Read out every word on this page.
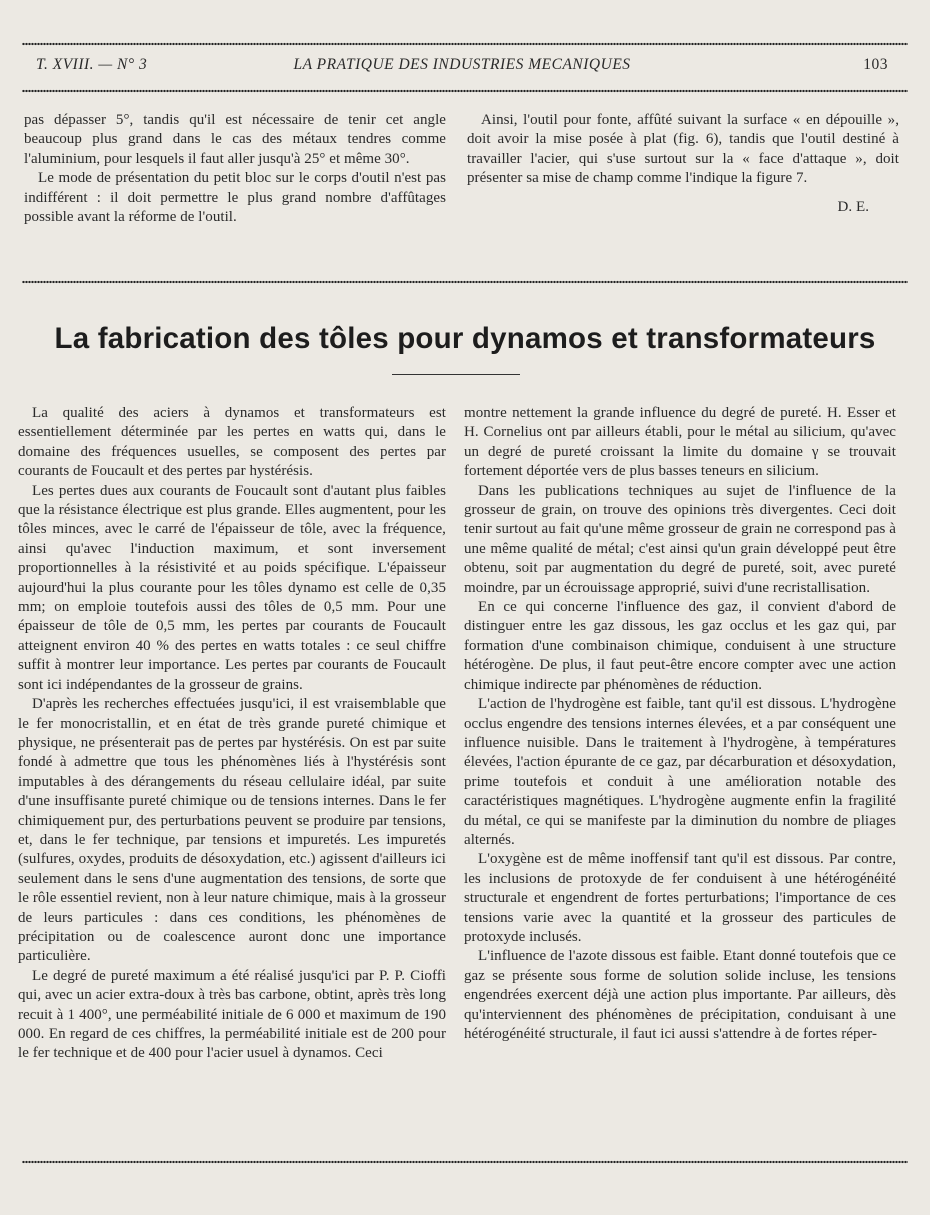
T. XVIII. — N° 3	LA PRATIQUE DES INDUSTRIES MECANIQUES	103

pas dépasser 5°, tandis qu'il est nécessaire de tenir cet angle beaucoup plus grand dans le cas des métaux tendres comme l'aluminium, pour lesquels il faut aller jusqu'à 25° et même 30°.

Le mode de présentation du petit bloc sur le corps d'outil n'est pas indifférent : il doit permettre le plus grand nombre d'affûtages possible avant la réforme de l'outil.

Ainsi, l'outil pour fonte, affûté suivant la surface « en dépouille », doit avoir la mise posée à plat (fig. 6), tandis que l'outil destiné à travailler l'acier, qui s'use surtout sur la « face d'attaque », doit présenter sa mise de champ comme l'indique la figure 7.

D. E.

La fabrication des tôles pour dynamos et transformateurs

La qualité des aciers à dynamos et transformateurs est essentiellement déterminée par les pertes en watts qui, dans le domaine des fréquences usuelles, se composent des pertes par courants de Foucault et des pertes par hystérésis.

Les pertes dues aux courants de Foucault sont d'autant plus faibles que la résistance électrique est plus grande. Elles augmentent, pour les tôles minces, avec le carré de l'épaisseur de tôle, avec la fréquence, ainsi qu'avec l'induction maximum, et sont inversement proportionnelles à la résistivité et au poids spécifique. L'épaisseur aujourd'hui la plus courante pour les tôles dynamo est celle de 0,35 mm; on emploie toutefois aussi des tôles de 0,5 mm. Pour une épaisseur de tôle de 0,5 mm, les pertes par courants de Foucault atteignent environ 40 % des pertes en watts totales : ce seul chiffre suffit à montrer leur importance. Les pertes par courants de Foucault sont ici indépendantes de la grosseur de grains.

D'après les recherches effectuées jusqu'ici, il est vraisemblable que le fer monocristallin, et en état de très grande pureté chimique et physique, ne présenterait pas de pertes par hystérésis. On est par suite fondé à admettre que tous les phénomènes liés à l'hystérésis sont imputables à des dérangements du réseau cellulaire idéal, par suite d'une insuffisante pureté chimique ou de tensions internes. Dans le fer chimiquement pur, des perturbations peuvent se produire par tensions, et, dans le fer technique, par tensions et impuretés. Les impuretés (sulfures, oxydes, produits de désoxydation, etc.) agissent d'ailleurs ici seulement dans le sens d'une augmentation des tensions, de sorte que le rôle essentiel revient, non à leur nature chimique, mais à la grosseur de leurs particules : dans ces conditions, les phénomènes de précipitation ou de coalescence auront donc une importance particulière.

Le degré de pureté maximum a été réalisé jusqu'ici par P. P. Cioffi qui, avec un acier extra-doux à très bas carbone, obtint, après très long recuit à 1 400°, une perméabilité initiale de 6 000 et maximum de 190 000. En regard de ces chiffres, la perméabilité initiale est de 200 pour le fer technique et de 400 pour l'acier usuel à dynamos. Ceci

montre nettement la grande influence du degré de pureté. H. Esser et H. Cornelius ont par ailleurs établi, pour le métal au silicium, qu'avec un degré de pureté croissant la limite du domaine γ se trouvait fortement déportée vers de plus basses teneurs en silicium.

Dans les publications techniques au sujet de l'influence de la grosseur de grain, on trouve des opinions très divergentes. Ceci doit tenir surtout au fait qu'une même grosseur de grain ne correspond pas à une même qualité de métal; c'est ainsi qu'un grain développé peut être obtenu, soit par augmentation du degré de pureté, soit, avec pureté moindre, par un écrouissage approprié, suivi d'une recristallisation.

En ce qui concerne l'influence des gaz, il convient d'abord de distinguer entre les gaz dissous, les gaz occlus et les gaz qui, par formation d'une combinaison chimique, conduisent à une structure hétérogène. De plus, il faut peut-être encore compter avec une action chimique indirecte par phénomènes de réduction.

L'action de l'hydrogène est faible, tant qu'il est dissous. L'hydrogène occlus engendre des tensions internes élevées, et a par conséquent une influence nuisible. Dans le traitement à l'hydrogène, à températures élevées, l'action épurante de ce gaz, par décarburation et désoxydation, prime toutefois et conduit à une amélioration notable des caractéristiques magnétiques. L'hydrogène augmente enfin la fragilité du métal, ce qui se manifeste par la diminution du nombre de pliages alternés.

L'oxygène est de même inoffensif tant qu'il est dissous. Par contre, les inclusions de protoxyde de fer conduisent à une hétérogénéité structurale et engendrent de fortes perturbations; l'importance de ces tensions varie avec la quantité et la grosseur des particules de protoxyde inclusés.

L'influence de l'azote dissous est faible. Etant donné toutefois que ce gaz se présente sous forme de solution solide incluse, les tensions engendrées exercent déjà une action plus importante. Par ailleurs, dès qu'interviennent des phénomènes de précipitation, conduisant à une hétérogénéité structurale, il faut ici aussi s'attendre à de fortes réper-
